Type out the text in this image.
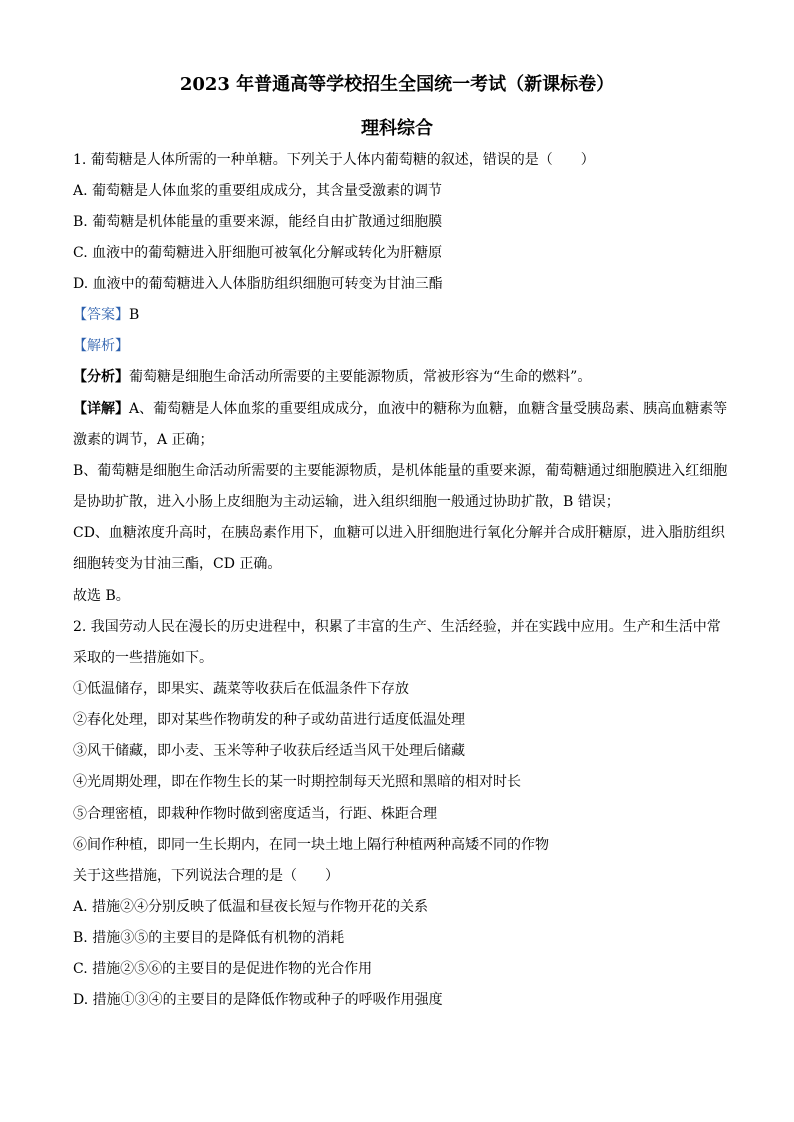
2023 年普通高等学校招生全国统一考试（新课标卷）
理科综合
1. 葡萄糖是人体所需的一种单糖。下列关于人体内葡萄糖的叙述，错误的是（　　）
A. 葡萄糖是人体血浆的重要组成成分，其含量受激素的调节
B. 葡萄糖是机体能量的重要来源，能经自由扩散通过细胞膜
C. 血液中的葡萄糖进入肝细胞可被氧化分解或转化为肝糖原
D. 血液中的葡萄糖进入人体脂肪组织细胞可转变为甘油三酯
【答案】B
【解析】
【分析】葡萄糖是细胞生命活动所需要的主要能源物质，常被形容为“生命的燃料”。
【详解】A、葡萄糖是人体血浆的重要组成成分，血液中的糖称为血糖，血糖含量受胰岛素、胰高血糖素等
激素的调节，A 正确；
B、葡萄糖是细胞生命活动所需要的主要能源物质，是机体能量的重要来源，葡萄糖通过细胞膜进入红细胞
是协助扩散，进入小肠上皮细胞为主动运输，进入组织细胞一般通过协助扩散，B 错误；
CD、血糖浓度升高时，在胰岛素作用下，血糖可以进入肝细胞进行氧化分解并合成肝糖原，进入脂肪组织
细胞转变为甘油三酯，CD 正确。
故选 B。
2. 我国劳动人民在漫长的历史进程中，积累了丰富的生产、生活经验，并在实践中应用。生产和生活中常
采取的一些措施如下。
①低温储存，即果实、蔬菜等收获后在低温条件下存放
②春化处理，即对某些作物萌发的种子或幼苗进行适度低温处理
③风干储藏，即小麦、玉米等种子收获后经适当风干处理后储藏
④光周期处理，即在作物生长的某一时期控制每天光照和黑暗的相对时长
⑤合理密植，即栽种作物时做到密度适当，行距、株距合理
⑥间作种植，即同一生长期内，在同一块土地上隔行种植两种高矮不同的作物
关于这些措施，下列说法合理的是（　　）
A. 措施②④分别反映了低温和昼夜长短与作物开花的关系
B. 措施③⑤的主要目的是降低有机物的消耗
C. 措施②⑤⑥的主要目的是促进作物的光合作用
D. 措施①③④的主要目的是降低作物或种子的呼吸作用强度
